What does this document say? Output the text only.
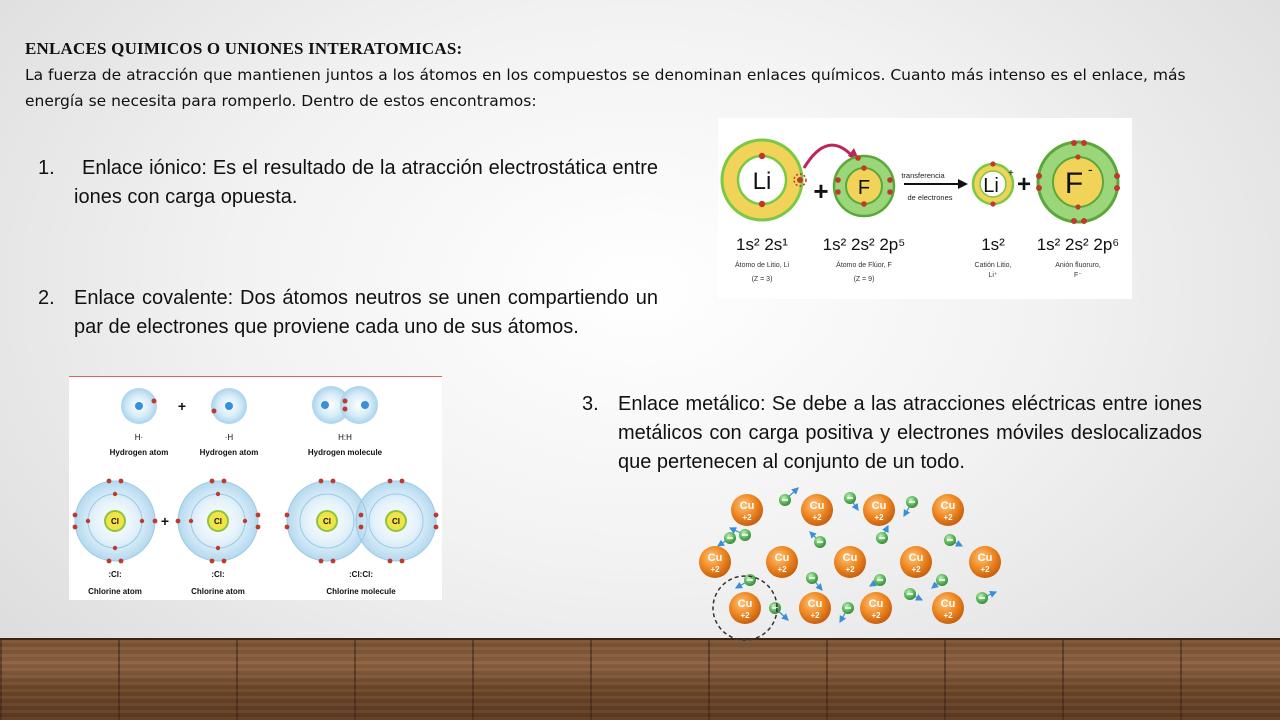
ENLACES QUIMICOS O UNIONES INTERATOMICAS:
La fuerza de atracción que mantienen juntos a los átomos en los compuestos se denominan enlaces químicos. Cuanto más intenso es el enlace, más energía se necesita para romperlo. Dentro de estos encontramos:
1.	Enlace iónico: Es el resultado de la atracción electrostática entre iones con carga opuesta.
2. Enlace covalente: Dos átomos neutros se unen compartiendo un par de electrones que proviene cada uno de sus átomos.
3. Enlace metálico: Se debe a las atracciones eléctricas entre iones metálicos con carga positiva y electrones móviles deslocalizados que pertenecen al conjunto de un todo.
Li + F
transferencia
de electrones
Li
+ + F -
1s² 2s¹ 1s² 2s² 2p⁵	1s² 1s² 2s² 2p⁶
Átomo de Litio, Li
(Z = 3)
Átomo de Flúor, F
(Z = 9)
Catión Litio,
Li⁺
Anión fluoruro,
F⁻
+
H·	·H	H:H
Hydrogen atom	Hydrogen atom	Hydrogen molecule
Cl	+	Cl	Cl	Cl
:Cl:	:Cl:	:Cl:Cl:
Chlorine atom	Chlorine atom	Chlorine molecule
Cu
+2
Cu
+2
Cu
+2
Cu
+2
Cu
+2
Cu
+2
Cu
+2
Cu
+2
Cu
+2
Cu
+2
Cu
+2
Cu
+2
Cu
+2
